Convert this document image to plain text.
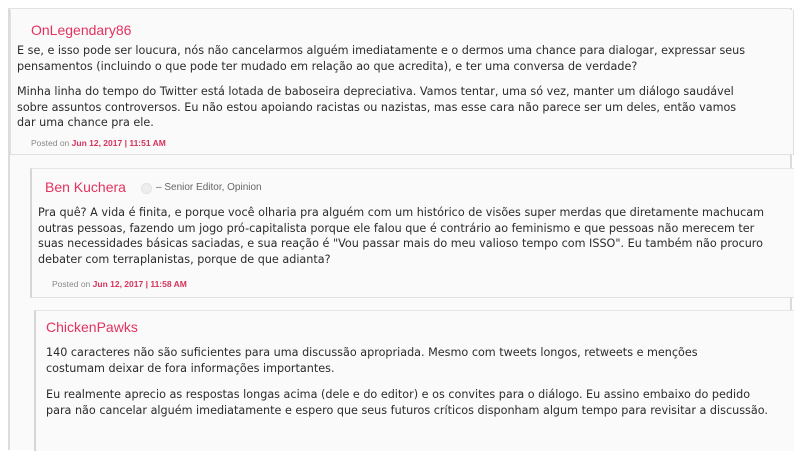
OnLegendary86

E se, e isso pode ser loucura, nós não cancelarmos alguém imediatamente e o dermos uma chance para dialogar, expressar seus pensamentos (incluindo o que pode ter mudado em relação ao que acredita), e ter uma conversa de verdade?

Minha linha do tempo do Twitter está lotada de baboseira depreciativa. Vamos tentar, uma só vez, manter um diálogo saudável sobre assuntos controversos. Eu não estou apoiando racistas ou nazistas, mas esse cara não parece ser um deles, então vamos dar uma chance pra ele.

Posted on Jun 12, 2017 | 11:51 AM
Ben Kuchera	– Senior Editor, Opinion

Pra quê? A vida é finita, e porque você olharia pra alguém com um histórico de visões super merdas que diretamente machucam outras pessoas, fazendo um jogo pró-capitalista porque ele falou que é contrário ao feminismo e que pessoas não merecem ter suas necessidades básicas saciadas, e sua reação é "Vou passar mais do meu valioso tempo com ISSO". Eu também não procuro debater com terraplanistas, porque de que adianta?

Posted on Jun 12, 2017 | 11:58 AM
ChickenPawks

140 caracteres não são suficientes para uma discussão apropriada. Mesmo com tweets longos, retweets e menções costumam deixar de fora informações importantes.

Eu realmente aprecio as respostas longas acima (dele e do editor) e os convites para o diálogo. Eu assino embaixo do pedido para não cancelar alguém imediatamente e espero que seus futuros críticos disponham algum tempo para revisitar a discussão.
